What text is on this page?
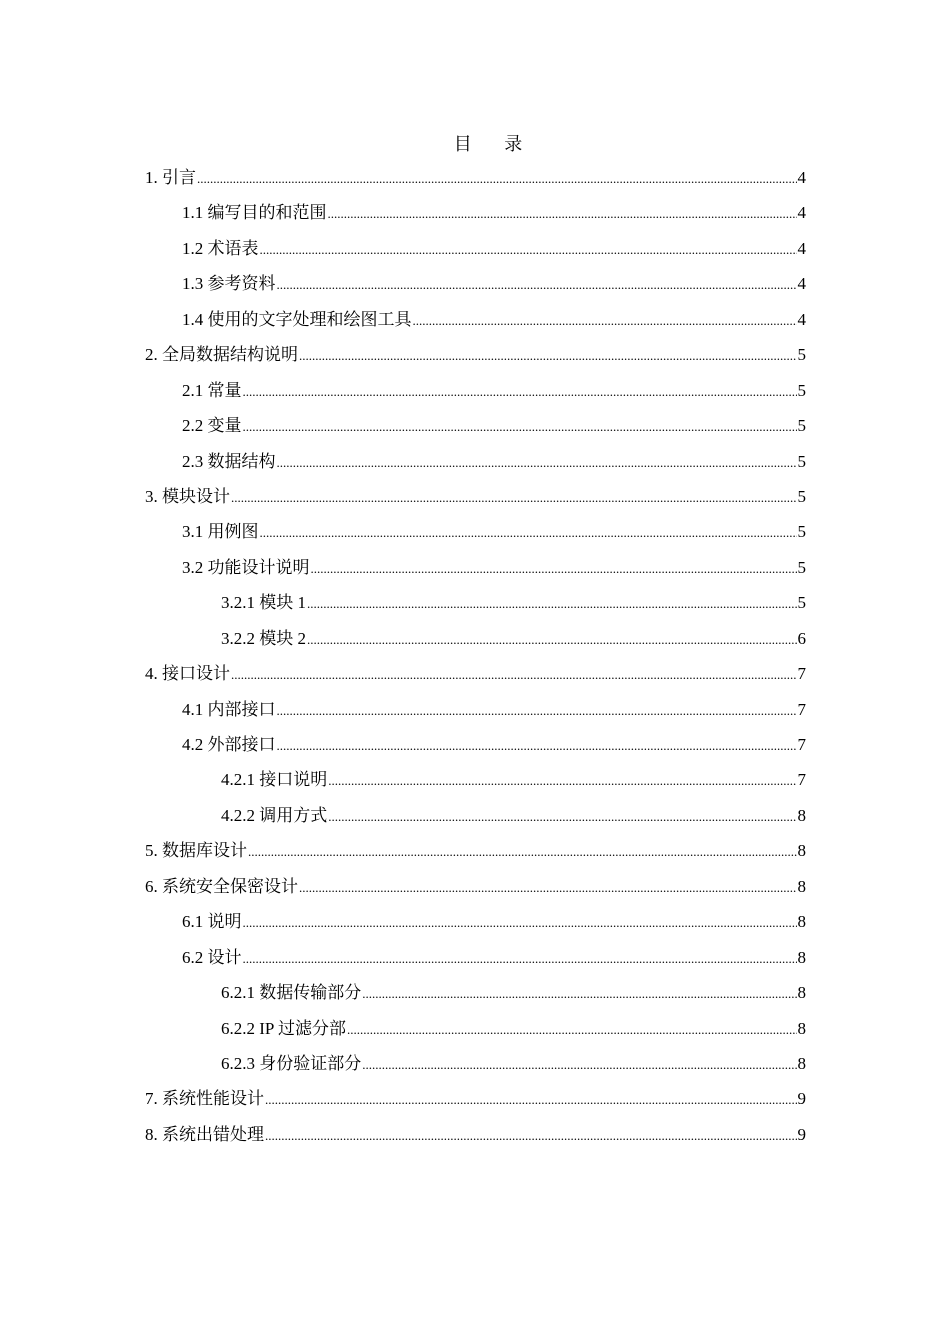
目 录
1. 引言 .....	4
1.1 编写目的和范围 .....	4
1.2 术语表 .....	4
1.3 参考资料 .....	4
1.4 使用的文字处理和绘图工具 .....	4
2. 全局数据结构说明 .....	5
2.1 常量 .....	5
2.2 变量 .....	5
2.3 数据结构 .....	5
3. 模块设计 .....	5
3.1 用例图 .....	5
3.2 功能设计说明 .....	5
3.2.1 模块 1 .....	5
3.2.2 模块 2 .....	6
4. 接口设计 .....	7
4.1 内部接口 .....	7
4.2 外部接口 .....	7
4.2.1 接口说明 .....	7
4.2.2 调用方式 .....	8
5. 数据库设计 .....	8
6. 系统安全保密设计 .....	8
6.1 说明 .....	8
6.2 设计 .....	8
6.2.1 数据传输部分 .....	8
6.2.2 IP 过滤分部 .....	8
6.2.3 身份验证部分 .....	8
7. 系统性能设计 .....	9
8. 系统出错处理 .....	9
